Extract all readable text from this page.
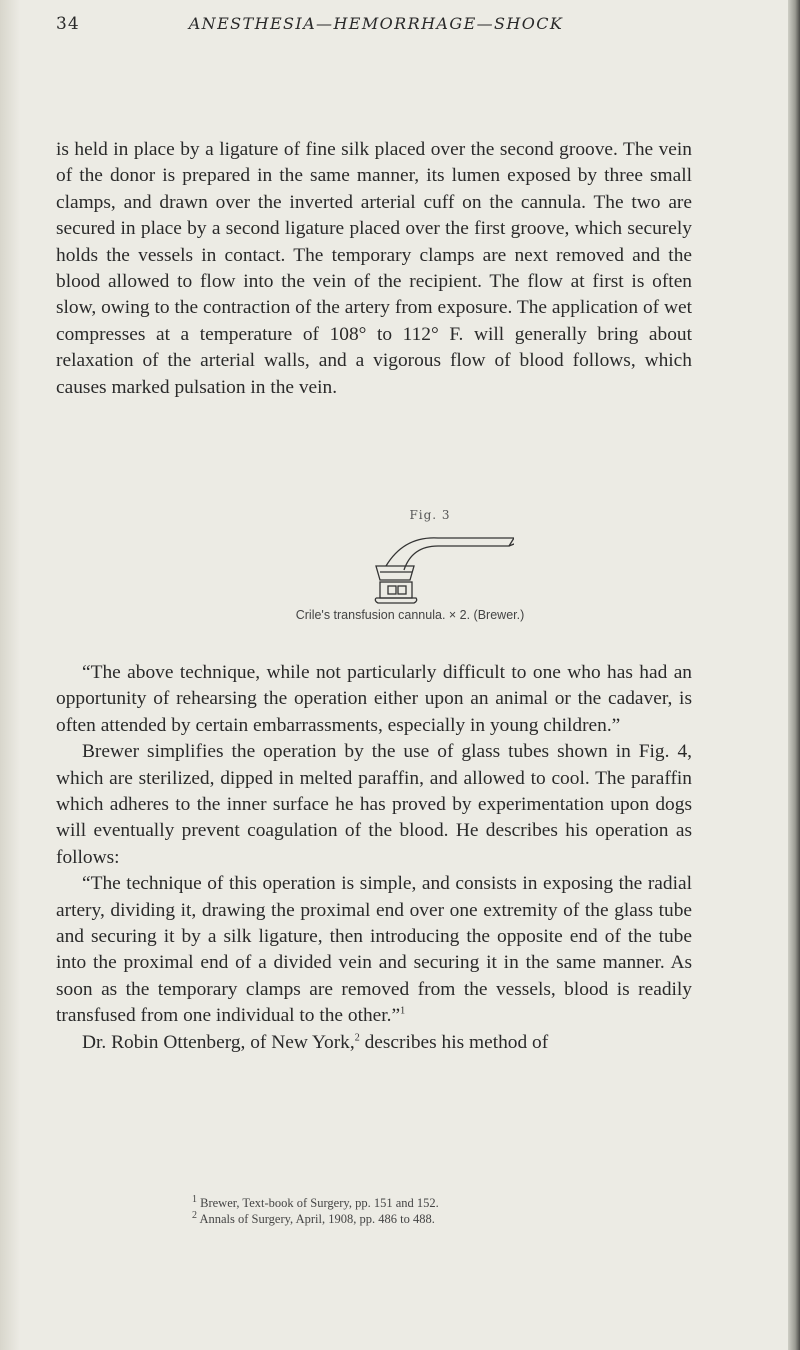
34	ANESTHESIA—HEMORRHAGE—SHOCK

is held in place by a ligature of fine silk placed over the second groove. The vein of the donor is prepared in the same manner, its lumen exposed by three small clamps, and drawn over the inverted arterial cuff on the cannula. The two are secured in place by a second ligature placed over the first groove, which securely holds the vessels in contact. The temporary clamps are next removed and the blood allowed to flow into the vein of the recipient. The flow at first is often slow, owing to the contraction of the artery from exposure. The application of wet compresses at a temperature of 108° to 112° F. will generally bring about relaxation of the arterial walls, and a vigorous flow of blood follows, which causes marked pulsation in the vein.

Fig. 3
Crile's transfusion cannula. × 2. (Brewer.)

“The above technique, while not particularly difficult to one who has had an opportunity of rehearsing the operation either upon an animal or the cadaver, is often attended by certain embarrassments, especially in young children.”

Brewer simplifies the operation by the use of glass tubes shown in Fig. 4, which are sterilized, dipped in melted paraffin, and allowed to cool. The paraffin which adheres to the inner surface he has proved by experimentation upon dogs will eventually prevent coagulation of the blood. He describes his operation as follows:

“The technique of this operation is simple, and consists in exposing the radial artery, dividing it, drawing the proximal end over one extremity of the glass tube and securing it by a silk ligature, then introducing the opposite end of the tube into the proximal end of a divided vein and securing it in the same manner. As soon as the temporary clamps are removed from the vessels, blood is readily transfused from one individual to the other.”$^1$

Dr. Robin Ottenberg, of New York,$^2$ describes his method of

$^1$ Brewer, Text-book of Surgery, pp. 151 and 152.
$^2$ Annals of Surgery, April, 1908, pp. 486 to 488.
